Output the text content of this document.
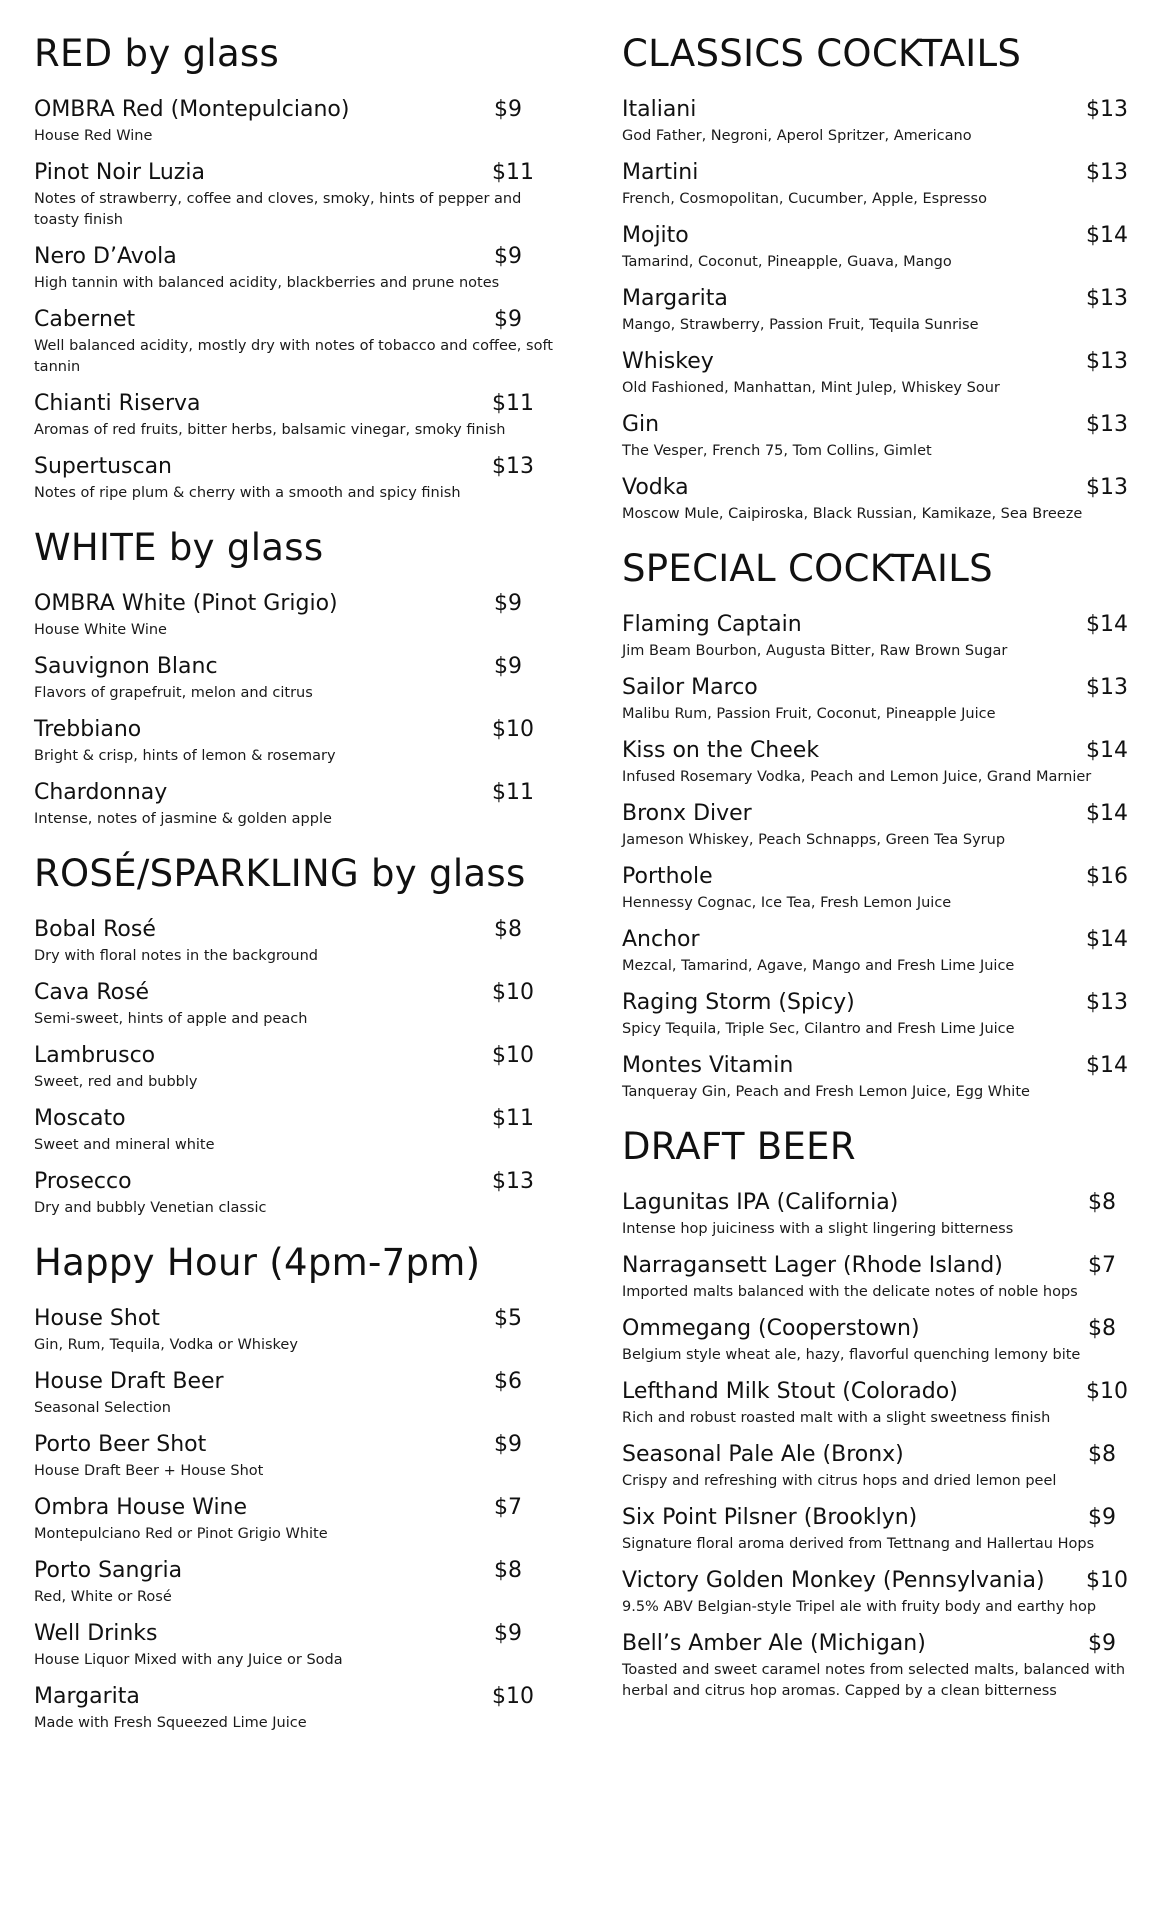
RED by glass
OMBRA Red (Montepulciano)	$9
House Red Wine
Pinot Noir Luzia	$11
Notes of strawberry, coffee and cloves, smoky, hints of pepper and toasty finish
Nero D’Avola	$9
High tannin with balanced acidity, blackberries and prune notes
Cabernet	$9
Well balanced acidity, mostly dry with notes of tobacco and coffee, soft tannin
Chianti Riserva	$11
Aromas of red fruits, bitter herbs, balsamic vinegar, smoky finish
Supertuscan	$13
Notes of ripe plum & cherry with a smooth and spicy finish
WHITE by glass
OMBRA White (Pinot Grigio)	$9
House White Wine
Sauvignon Blanc	$9
Flavors of grapefruit, melon and citrus
Trebbiano	$10
Bright & crisp, hints of lemon & rosemary
Chardonnay	$11
Intense, notes of jasmine & golden apple
ROSÉ/SPARKLING by glass
Bobal Rosé	$8
Dry with floral notes in the background
Cava Rosé	$10
Semi-sweet, hints of apple and peach
Lambrusco	$10
Sweet, red and bubbly
Moscato	$11
Sweet and mineral white
Prosecco	$13
Dry and bubbly Venetian classic
Happy Hour (4pm-7pm)
House Shot	$5
Gin, Rum, Tequila, Vodka or Whiskey
House Draft Beer	$6
Seasonal Selection
Porto Beer Shot	$9
House Draft Beer + House Shot
Ombra House Wine	$7
Montepulciano Red or Pinot Grigio White
Porto Sangria	$8
Red, White or Rosé
Well Drinks	$9
House Liquor Mixed with any Juice or Soda
Margarita	$10
Made with Fresh Squeezed Lime Juice
CLASSICS COCKTAILS
Italiani	$13
God Father, Negroni, Aperol Spritzer, Americano
Martini	$13
French, Cosmopolitan, Cucumber, Apple, Espresso
Mojito	$14
Tamarind, Coconut, Pineapple, Guava, Mango
Margarita	$13
Mango, Strawberry, Passion Fruit, Tequila Sunrise
Whiskey	$13
Old Fashioned, Manhattan, Mint Julep, Whiskey Sour
Gin	$13
The Vesper, French 75, Tom Collins, Gimlet
Vodka	$13
Moscow Mule, Caipiroska, Black Russian, Kamikaze, Sea Breeze
SPECIAL COCKTAILS
Flaming Captain	$14
Jim Beam Bourbon, Augusta Bitter, Raw Brown Sugar
Sailor Marco	$13
Malibu Rum, Passion Fruit, Coconut, Pineapple Juice
Kiss on the Cheek	$14
Infused Rosemary Vodka, Peach and Lemon Juice, Grand Marnier
Bronx Diver	$14
Jameson Whiskey, Peach Schnapps, Green Tea Syrup
Porthole	$16
Hennessy Cognac, Ice Tea, Fresh Lemon Juice
Anchor	$14
Mezcal, Tamarind, Agave, Mango and Fresh Lime Juice
Raging Storm (Spicy)	$13
Spicy Tequila, Triple Sec, Cilantro and Fresh Lime Juice
Montes Vitamin	$14
Tanqueray Gin, Peach and Fresh Lemon Juice, Egg White
DRAFT BEER
Lagunitas IPA (California)	$8
Intense hop juiciness with a slight lingering bitterness
Narragansett Lager (Rhode Island)	$7
Imported malts balanced with the delicate notes of noble hops
Ommegang (Cooperstown)	$8
Belgium style wheat ale, hazy, flavorful quenching lemony bite
Lefthand Milk Stout (Colorado)	$10
Rich and robust roasted malt with a slight sweetness finish
Seasonal Pale Ale (Bronx)	$8
Crispy and refreshing with citrus hops and dried lemon peel
Six Point Pilsner (Brooklyn)	$9
Signature floral aroma derived from Tettnang and Hallertau Hops
Victory Golden Monkey (Pennsylvania) $10
9.5% ABV Belgian-style Tripel ale with fruity body and earthy hop
Bell’s Amber Ale (Michigan)	$9
Toasted and sweet caramel notes from selected malts, balanced with herbal and citrus hop aromas. Capped by a clean bitterness
